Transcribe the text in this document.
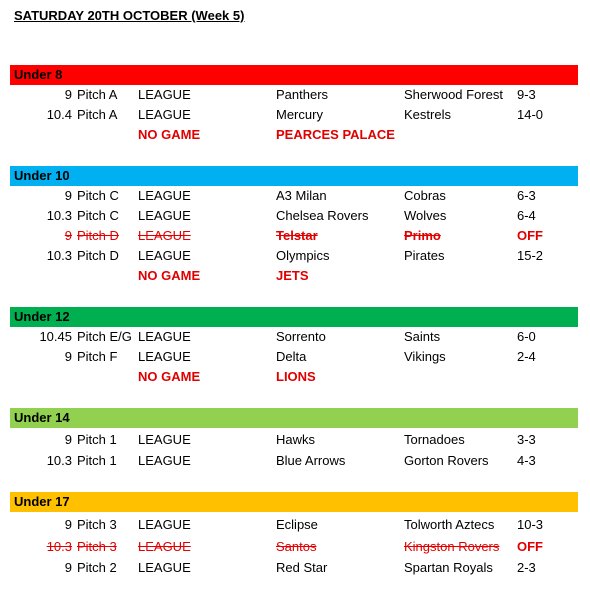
SATURDAY 20TH OCTOBER (Week 5)
Under 8
9 Pitch A LEAGUE	Panthers	Sherwood Forest 9-3
10.4 Pitch A LEAGUE	Mercury	Kestrels	14-0
NO GAME	PEARCES PALACE
Under 10
9 Pitch C LEAGUE	A3 Milan	Cobras	6-3
10.3 Pitch C LEAGUE	Chelsea Rovers	Wolves	6-4
9 Pitch D LEAGUE	Telstar	Primo	OFF
10.3 Pitch D LEAGUE	Olympics	Pirates	15-2
NO GAME	JETS
Under 12
10.45 Pitch E/G LEAGUE	Sorrento	Saints	6-0
9 Pitch F LEAGUE	Delta	Vikings	2-4
NO GAME	LIONS
Under 14
9 Pitch 1 LEAGUE	Hawks	Tornadoes	3-3
10.3 Pitch 1 LEAGUE	Blue Arrows	Gorton Rovers 4-3
Under 17
9 Pitch 3 LEAGUE	Eclipse	Tolworth Aztecs 10-3
10.3 Pitch 3 LEAGUE	Santos	Kingston Rovers OFF
9 Pitch 2 LEAGUE	Red Star	Spartan Royals 2-3
